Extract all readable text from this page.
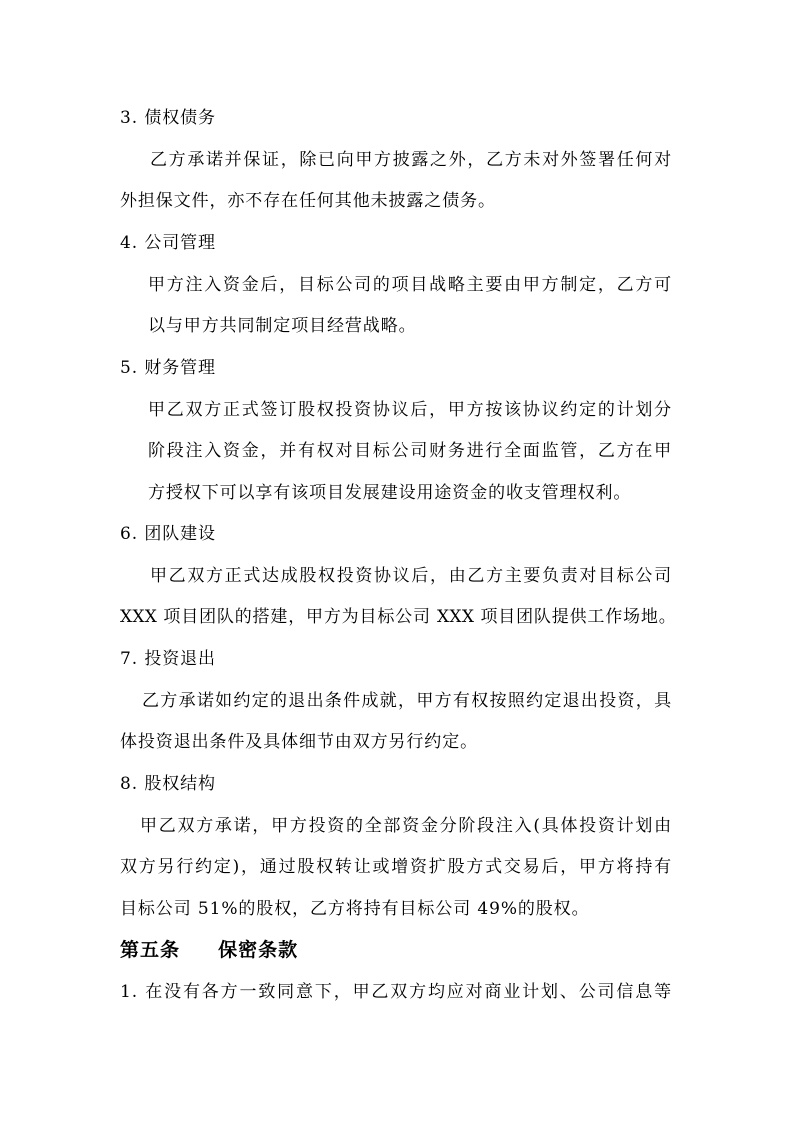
3. 债权债务
乙方承诺并保证，除已向甲方披露之外，乙方未对外签署任何对
外担保文件，亦不存在任何其他未披露之债务。
4. 公司管理
甲方注入资金后，目标公司的项目战略主要由甲方制定，乙方可
以与甲方共同制定项目经营战略。
5. 财务管理
甲乙双方正式签订股权投资协议后，甲方按该协议约定的计划分
阶段注入资金，并有权对目标公司财务进行全面监管，乙方在甲
方授权下可以享有该项目发展建设用途资金的收支管理权利。
6. 团队建设
甲乙双方正式达成股权投资协议后，由乙方主要负责对目标公司
XXX 项目团队的搭建，甲方为目标公司 XXX 项目团队提供工作场地。
7. 投资退出
乙方承诺如约定的退出条件成就，甲方有权按照约定退出投资，具
体投资退出条件及具体细节由双方另行约定。
8. 股权结构
甲乙双方承诺，甲方投资的全部资金分阶段注入(具体投资计划由
双方另行约定)，通过股权转让或增资扩股方式交易后，甲方将持有
目标公司 51%的股权，乙方将持有目标公司 49%的股权。
第五条     保密条款
1. 在没有各方一致同意下，甲乙双方均应对商业计划、公司信息等
